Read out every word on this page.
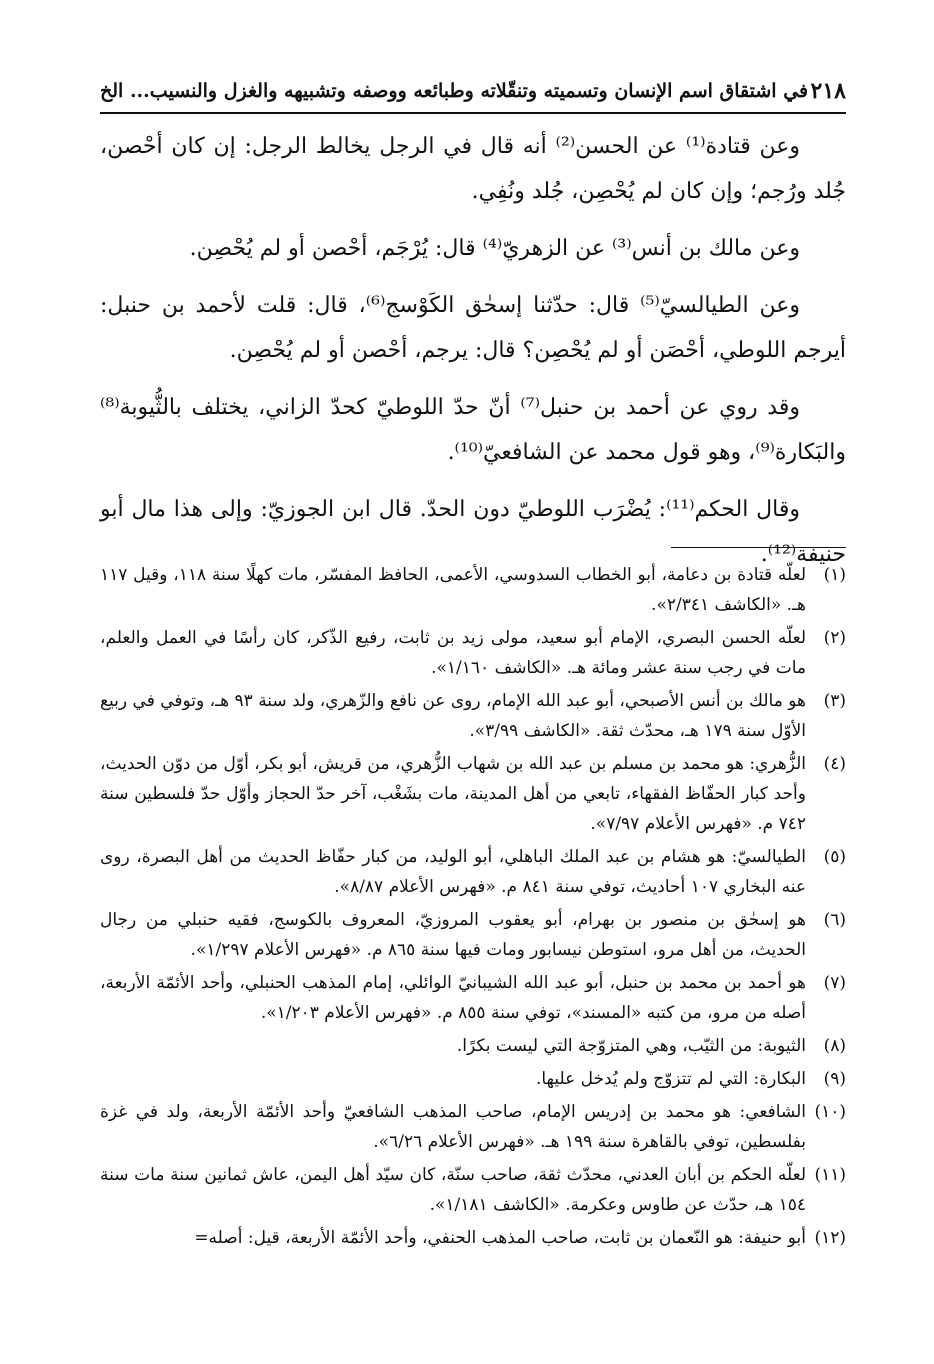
٢١٨
في اشتقاق اسم الإنسان وتسميته وتنقّلاته وطبائعه ووصفه وتشبيهه والغزل والنسيب... الخ

وعن قتادة⁽¹⁾ عن الحسن⁽²⁾ أنه قال في الرجل يخالط الرجل: إن كان أحْصن، جُلد ورُجم؛ وإن كان لم يُحْصِن، جُلد ونُفِي.

وعن مالك بن أنس⁽³⁾ عن الزهريّ⁽⁴⁾ قال: يُرْجَم، أحْصن أو لم يُحْصِن.

وعن الطيالسيّ⁽⁵⁾ قال: حدّثنا إسحٰق الكَوْسج⁽⁶⁾، قال: قلت لأحمد بن حنبل: أيرجم اللوطي، أحْصَن أو لم يُحْصِن؟ قال: يرجم، أحْصن أو لم يُحْصِن.

وقد روي عن أحمد بن حنبل⁽⁷⁾ أنّ حدّ اللوطيّ كحدّ الزاني، يختلف بالثُّيوبة⁽⁸⁾ والبَكارة⁽⁹⁾، وهو قول محمد عن الشافعيّ⁽¹⁰⁾.

وقال الحكم⁽¹¹⁾: يُضْرَب اللوطيّ دون الحدّ. قال ابن الجوزيّ: وإلى هذا مال أبو حنيفة⁽¹²⁾.

(١)
لعلّه قتادة بن دعامة، أبو الخطاب السدوسي، الأعمى، الحافظ المفسّر، مات كهلًا سنة ١١٨، وقيل ١١٧ هـ. «الكاشف ٢/٣٤١».
(٢)
لعلّه الحسن البصري، الإمام أبو سعيد، مولى زيد بن ثابت، رفيع الذّكر، كان رأسًا في العمل والعلم، مات في رجب سنة عشر ومائة هـ. «الكاشف ١/١٦٠».
(٣)
هو مالك بن أنس الأصبحي، أبو عبد الله الإمام، روى عن نافع والزّهري، ولد سنة ٩٣ هـ، وتوفي في ربيع الأوّل سنة ١٧٩ هـ، محدّث ثقة. «الكاشف ٣/٩٩».
(٤)
الزُّهري: هو محمد بن مسلم بن عبد الله بن شهاب الزُّهري، من قريش، أبو بكر، أوّل من دوّن الحديث، وأحد كبار الحفّاظ الفقهاء، تابعي من أهل المدينة، مات بشَغْب، آخر حدّ الحجاز وأوّل حدّ فلسطين سنة ٧٤٢ م. «فهرس الأعلام ٧/٩٧».
(٥)
الطيالسيّ: هو هشام بن عبد الملك الباهلي، أبو الوليد، من كبار حفّاظ الحديث من أهل البصرة، روى عنه البخاري ١٠٧ أحاديث، توفي سنة ٨٤١ م. «فهرس الأعلام ٨/٨٧».
(٦)
هو إسحٰق بن منصور بن بهرام، أبو يعقوب المروزيّ، المعروف بالكوسج، فقيه حنبلي من رجال الحديث، من أهل مرو، استوطن نيسابور ومات فيها سنة ٨٦٥ م. «فهرس الأعلام ١/٢٩٧».
(٧)
هو أحمد بن محمد بن حنبل، أبو عبد الله الشيبانيّ الوائلي، إمام المذهب الحنبلي، وأحد الأئمّة الأربعة، أصله من مرو، من كتبه «المسند»، توفي سنة ٨٥٥ م. «فهرس الأعلام ١/٢٠٣».
(٨)
الثيوبة: من الثيّب، وهي المتزوّجة التي ليست بكرًا.
(٩)
البكارة: التي لم تتزوّج ولم يُدخل عليها.
(١٠)
الشافعي: هو محمد بن إدريس الإمام، صاحب المذهب الشافعيّ وأحد الأئمّة الأربعة، ولد في غزة بفلسطين، توفي بالقاهرة سنة ١٩٩ هـ. «فهرس الأعلام ٦/٢٦».
(١١)
لعلّه الحكم بن أبان العدني، محدّث ثقة، صاحب سنّة، كان سيّد أهل اليمن، عاش ثمانين سنة مات سنة ١٥٤ هـ، حدّث عن طاوس وعكرمة. «الكاشف ١/١٨١».
(١٢)
أبو حنيفة: هو النّعمان بن ثابت، صاحب المذهب الحنفي، وأحد الأئمّة الأربعة، قيل: أصله=
